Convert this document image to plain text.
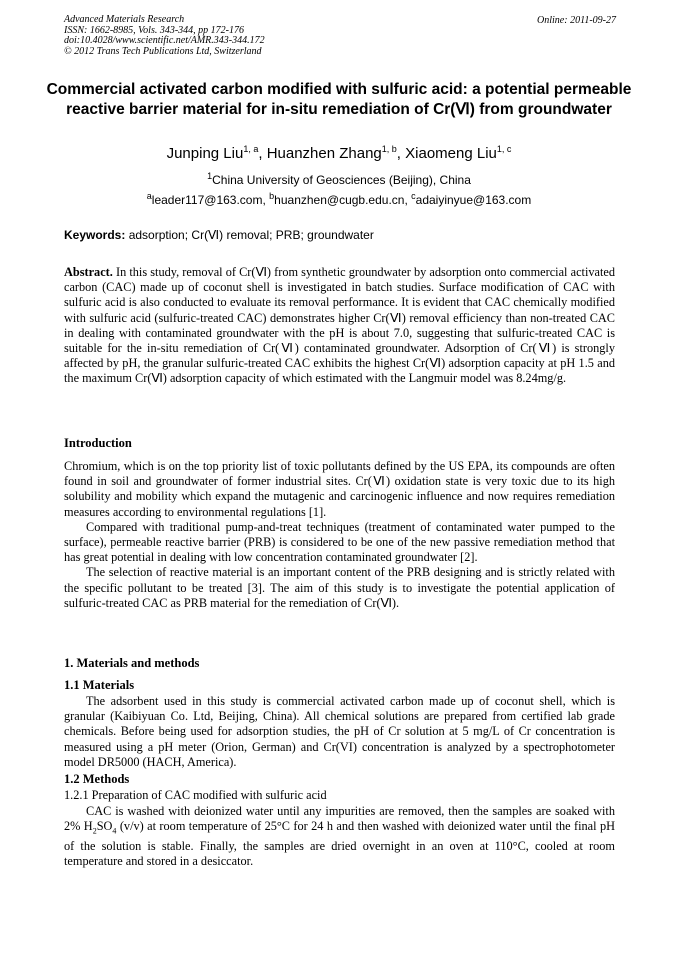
Advanced Materials Research
ISSN: 1662-8985, Vols. 343-344, pp 172-176
doi:10.4028/www.scientific.net/AMR.343-344.172
© 2012 Trans Tech Publications Ltd, Switzerland
Online: 2011-09-27
Commercial activated carbon modified with sulfuric acid: a potential permeable reactive barrier material for in-situ remediation of Cr(Ⅵ) from groundwater
Junping Liu$^{1, a}$, Huanzhen Zhang$^{1, b}$, Xiaomeng Liu$^{1, c}$
$^1$China University of Geosciences (Beijing), China
$^a$leader117@163.com, $^b$huanzhen@cugb.edu.cn, $^c$adaiyinyue@163.com
Keywords: adsorption; Cr(Ⅵ) removal; PRB; groundwater

Abstract. In this study, removal of Cr(Ⅵ) from synthetic groundwater by adsorption onto commercial activated carbon (CAC) made up of coconut shell is investigated in batch studies. Surface modification of CAC with sulfuric acid is also conducted to evaluate its removal performance. It is evident that CAC chemically modified with sulfuric acid (sulfuric-treated CAC) demonstrates higher Cr(Ⅵ) removal efficiency than non-treated CAC in dealing with contaminated groundwater with the pH is about 7.0, suggesting that sulfuric-treated CAC is suitable for the in-situ remediation of Cr(Ⅵ) contaminated groundwater. Adsorption of Cr(Ⅵ) is strongly affected by pH, the granular sulfuric-treated CAC exhibits the highest Cr(Ⅵ) adsorption capacity at pH 1.5 and the maximum Cr(Ⅵ) adsorption capacity of which estimated with the Langmuir model was 8.24mg/g.

Introduction

Chromium, which is on the top priority list of toxic pollutants defined by the US EPA, its compounds are often found in soil and groundwater of former industrial sites. Cr(Ⅵ) oxidation state is very toxic due to its high solubility and mobility which expand the mutagenic and carcinogenic influence and now requires remediation measures according to environmental regulations [1].

Compared with traditional pump-and-treat techniques (treatment of contaminated water pumped to the surface), permeable reactive barrier (PRB) is considered to be one of the new passive remediation method that has great potential in dealing with low concentration contaminated groundwater [2].

The selection of reactive material is an important content of the PRB designing and is strictly related with the specific pollutant to be treated [3]. The aim of this study is to investigate the potential application of sulfuric-treated CAC as PRB material for the remediation of Cr(Ⅵ).

1. Materials and methods
1.1 Materials

The adsorbent used in this study is commercial activated carbon made up of coconut shell, which is granular (Kaibiyuan Co. Ltd, Beijing, China). All chemical solutions are prepared from certified lab grade chemicals. Before being used for adsorption studies, the pH of Cr solution at 5 mg/L of Cr concentration is measured using a pH meter (Orion, German) and Cr(VI) concentration is analyzed by a spectrophotometer model DR5000 (HACH, America).

1.2 Methods
1.2.1 Preparation of CAC modified with sulfuric acid

CAC is washed with deionized water until any impurities are removed, then the samples are soaked with 2% $H_2SO_4$ (v/v) at room temperature of 25°C for 24 h and then washed with deionized water until the final pH of the solution is stable. Finally, the samples are dried overnight in an oven at 110°C, cooled at room temperature and stored in a desiccator.
